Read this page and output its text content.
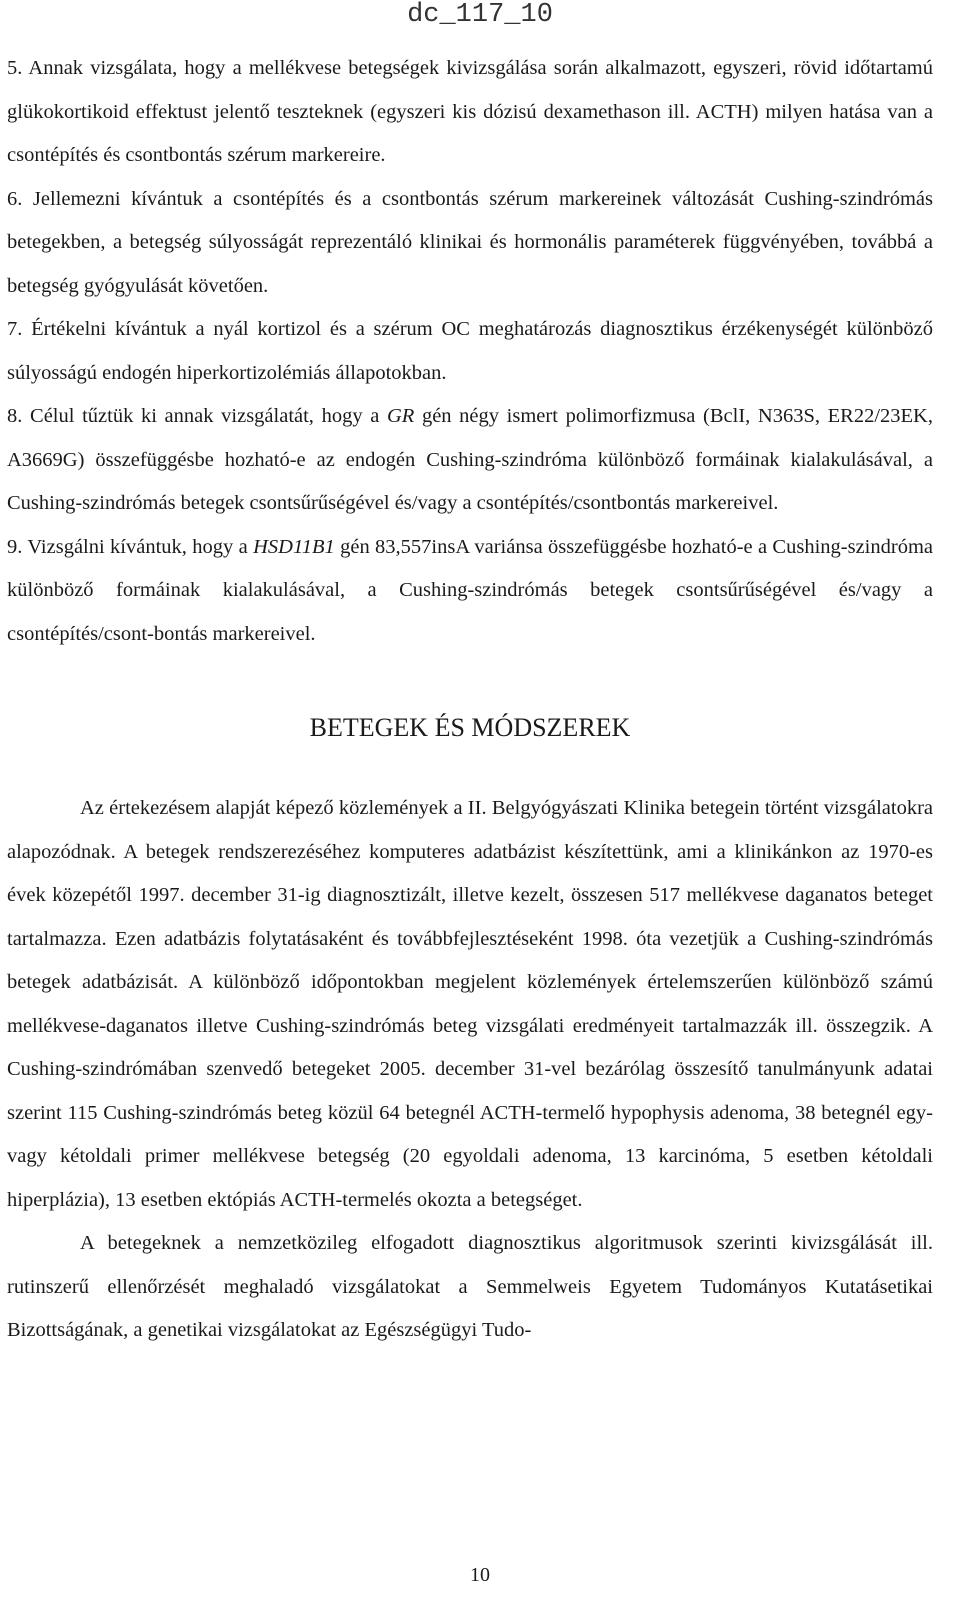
dc_117_10

5. Annak vizsgálata, hogy a mellékvese betegségek kivizsgálása során alkalmazott, egyszeri, rövid időtartamú glükokortikoid effektust jelentő teszteknek (egyszeri kis dózisú dexamethason ill. ACTH) milyen hatása van a csontépítés és csontbontás szérum markereire.

6. Jellemezni kívántuk a csontépítés és a csontbontás szérum markereinek változását Cushing-szindrómás betegekben, a betegség súlyosságát reprezentáló klinikai és hormonális paraméterek függvényében, továbbá a betegség gyógyulását követően.

7. Értékelni kívántuk a nyál kortizol és a szérum OC meghatározás diagnosztikus érzékenységét különböző súlyosságú endogén hiperkortizolémiás állapotokban.

8. Célul tűztük ki annak vizsgálatát, hogy a GR gén négy ismert polimorfizmusa (BclI, N363S, ER22/23EK, A3669G) összefüggésbe hozható-e az endogén Cushing-szindróma különböző formáinak kialakulásával, a Cushing-szindrómás betegek csontsűrűségével és/vagy a csontépítés/csontbontás markereivel.

9. Vizsgálni kívántuk, hogy a HSD11B1 gén 83,557insA variánsa összefüggésbe hozható-e a Cushing-szindróma különböző formáinak kialakulásával, a Cushing-szindrómás betegek csontsűrűségével és/vagy a csontépítés/csont-bontás markereivel.

BETEGEK ÉS MÓDSZEREK

Az értekezésem alapját képező közlemények a II. Belgyógyászati Klinika betegein történt vizsgálatokra alapozódnak. A betegek rendszerezéséhez komputeres adatbázist készítettünk, ami a klinikánkon az 1970-es évek közepétől 1997. december 31-ig diagnosztizált, illetve kezelt, összesen 517 mellékvese daganatos beteget tartalmazza. Ezen adatbázis folytatásaként és továbbfejlesztéseként 1998. óta vezetjük a Cushing-szindrómás betegek adatbázisát. A különböző időpontokban megjelent közlemények értelemszerűen különböző számú mellékvese-daganatos illetve Cushing-szindrómás beteg vizsgálati eredményeit tartalmazzák ill. összegzik. A Cushing-szindrómában szenvedő betegeket 2005. december 31-vel bezárólag összesítő tanulmányunk adatai szerint 115 Cushing-szindrómás beteg közül 64 betegnél ACTH-termelő hypophysis adenoma, 38 betegnél egy- vagy kétoldali primer mellékvese betegség (20 egyoldali adenoma, 13 karcinóma, 5 esetben kétoldali hiperplázia), 13 esetben ektópiás ACTH-termelés okozta a betegséget.

A betegeknek a nemzetközileg elfogadott diagnosztikus algoritmusok szerinti kivizsgálását ill. rutinszerű ellenőrzését meghaladó vizsgálatokat a Semmelweis Egyetem Tudományos Kutatásetikai Bizottságának, a genetikai vizsgálatokat az Egészségügyi Tudo-

10
